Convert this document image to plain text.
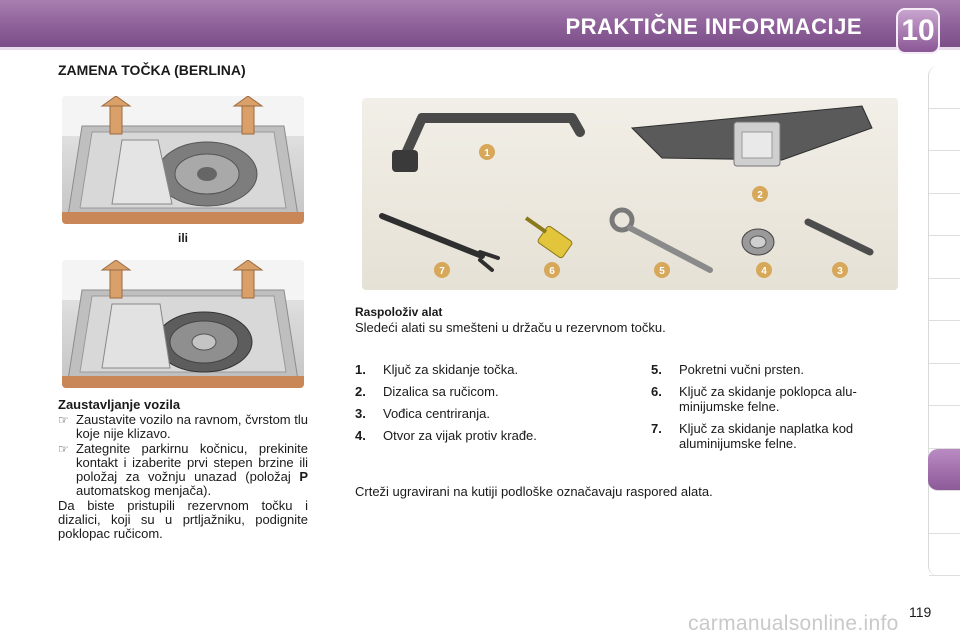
PRAKTIČNE INFORMACIJE 10
ZAMENA TOČKA (BERLINA)
ili
1
2
3
4
5
6
7
Zaustavljanje vozila
☞ Zaustavite vozilo na ravnom, čvrstom tlu koje nije klizavo.
☞ Zategnite parkirnu kočnicu, prekinite kontakt i izaberite prvi stepen brzine ili položaj za vožnju unazad (položaj P automatskog menjača).
Da biste pristupili rezervnom točku i dizalici, koji su u prtljažniku, podignite poklopac ručicom.
Raspoloživ alat
Sledeći alati su smešteni u držaču u rezervnom točku.
1.	Ključ za skidanje točka.
2.	Dizalica sa ručicom.
3.	Vođica centriranja.
4.	Otvor za vijak protiv krađe.
5.	Pokretni vučni prsten.
6.	Ključ za skidanje poklopca aluminijumske felne.
7.	Ključ za skidanje naplatka kod aluminijumske felne.
Crteži ugravirani na kutiji podloške označavaju raspored alata.
119
carmanualsonline.info
